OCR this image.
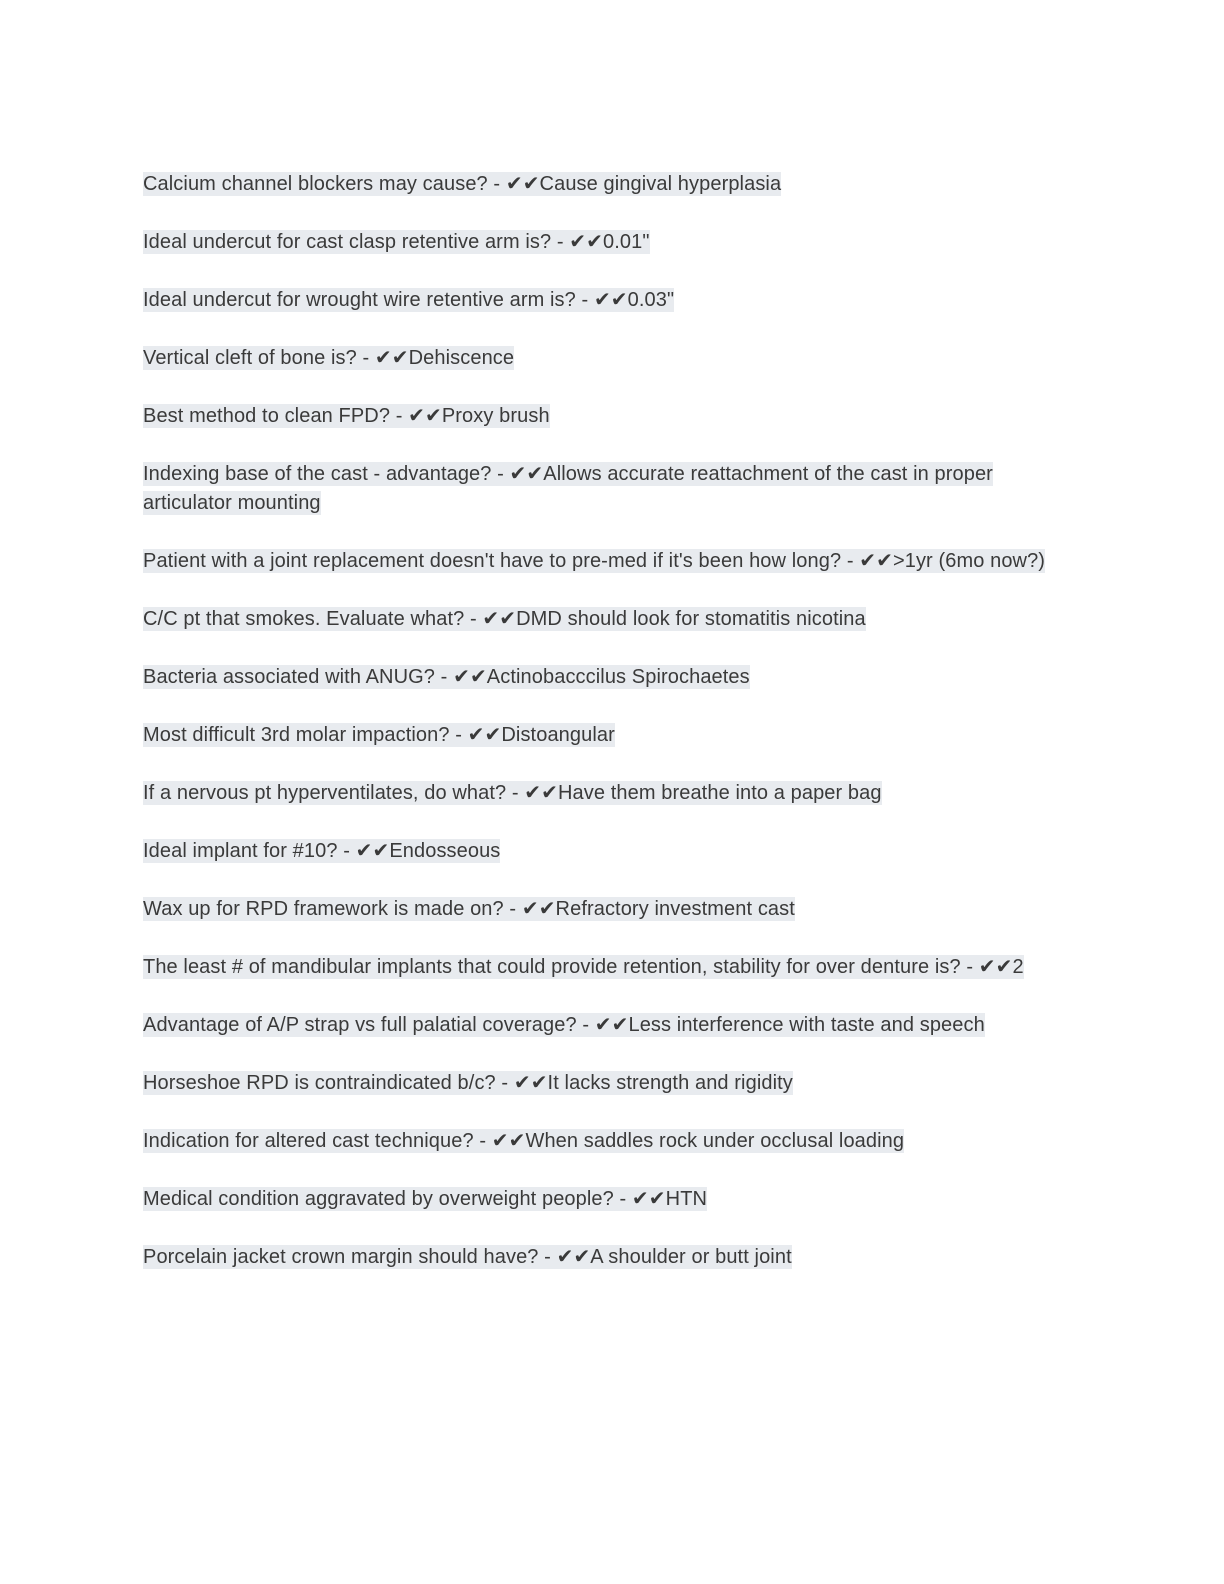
Calcium channel blockers may cause? - ✔✔Cause gingival hyperplasia

Ideal undercut for cast clasp retentive arm is? - ✔✔0.01"

Ideal undercut for wrought wire retentive arm is? - ✔✔0.03"

Vertical cleft of bone is? - ✔✔Dehiscence

Best method to clean FPD? - ✔✔Proxy brush

Indexing base of the cast - advantage? - ✔✔Allows accurate reattachment of the cast in proper articulator mounting

Patient with a joint replacement doesn't have to pre-med if it's been how long? - ✔✔>1yr (6mo now?)

C/C pt that smokes. Evaluate what? - ✔✔DMD should look for stomatitis nicotina

Bacteria associated with ANUG? - ✔✔Actinobacccilus Spirochaetes

Most difficult 3rd molar impaction? - ✔✔Distoangular

If a nervous pt hyperventilates, do what? - ✔✔Have them breathe into a paper bag

Ideal implant for #10? - ✔✔Endosseous

Wax up for RPD framework is made on? - ✔✔Refractory investment cast

The least # of mandibular implants that could provide retention, stability for over denture is? - ✔✔2

Advantage of A/P strap vs full palatial coverage? - ✔✔Less interference with taste and speech

Horseshoe RPD is contraindicated b/c? - ✔✔It lacks strength and rigidity

Indication for altered cast technique? - ✔✔When saddles rock under occlusal loading

Medical condition aggravated by overweight people? - ✔✔HTN

Porcelain jacket crown margin should have? - ✔✔A shoulder or butt joint
